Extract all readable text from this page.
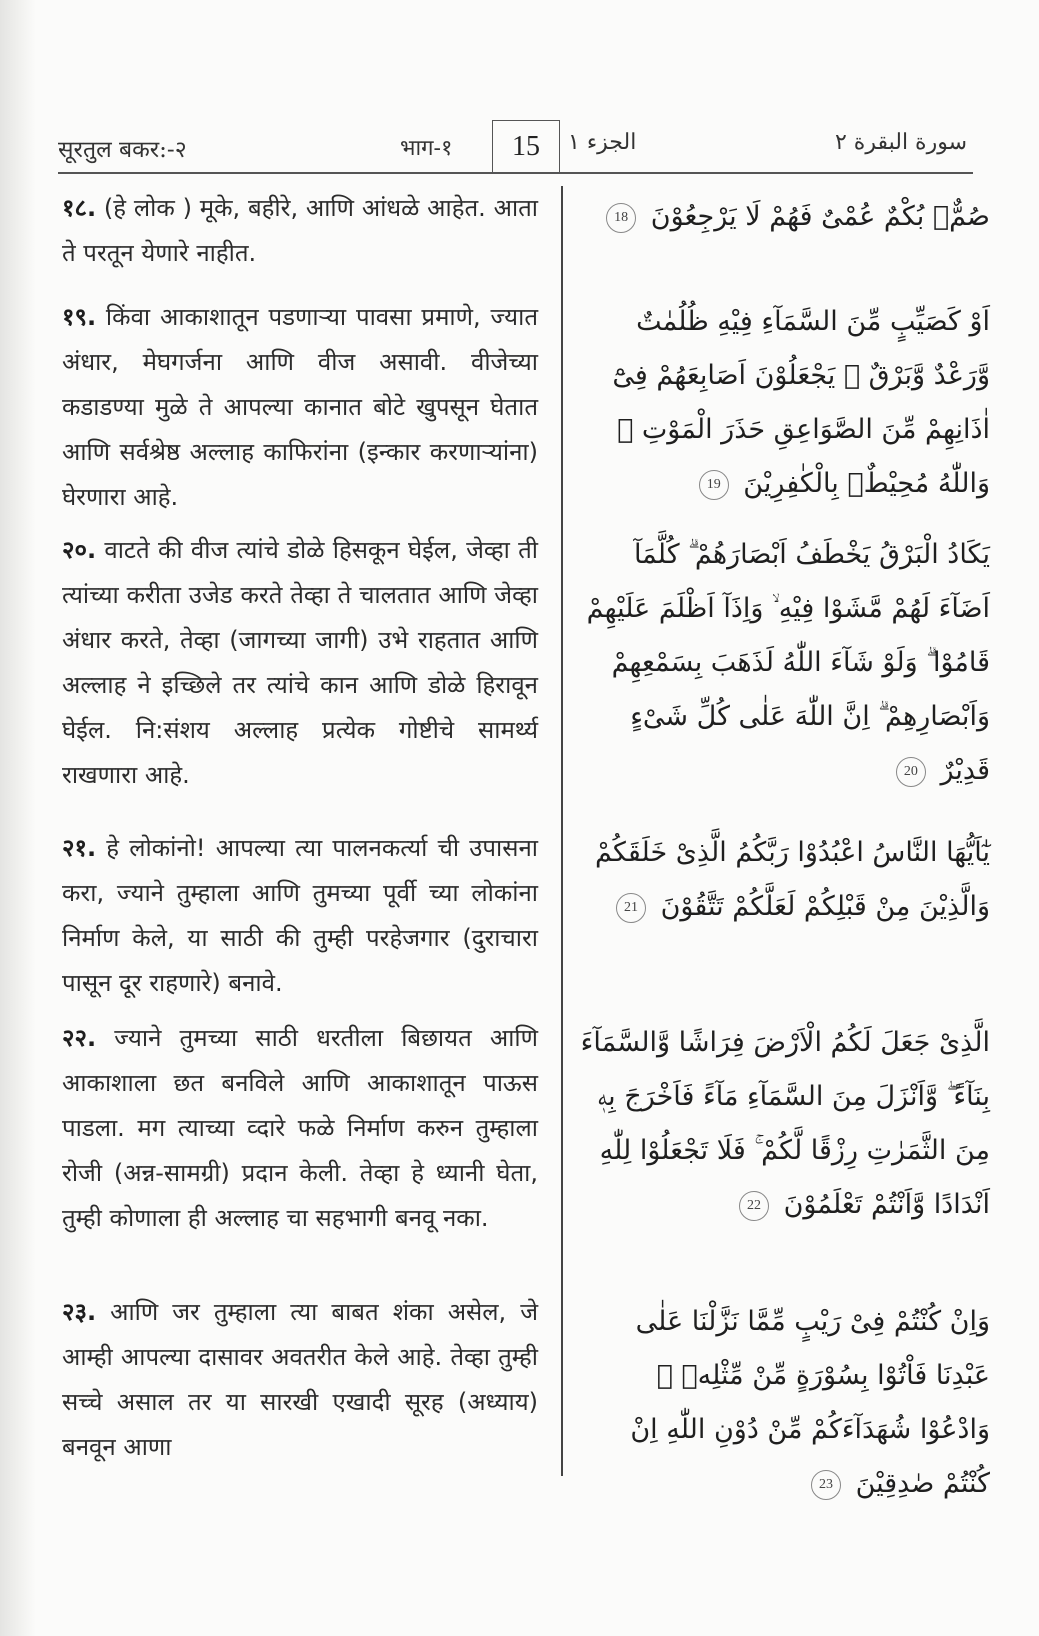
सूरतुल बकर:-२	भाग-१ 15 الجزء ١	سورة البقرة ٢

१८. (हे लोक ) मूके, बहीरे, आणि आंधळे आहेत. आता ते परतून येणारे नाहीत.

१९. किंवा आकाशातून पडणाऱ्या पावसा प्रमाणे, ज्यात अंधार, मेघगर्जना आणि वीज असावी. वीजेच्या कडाडण्या मुळे ते आपल्या कानात बोटे खुपसून घेतात आणि सर्वश्रेष्ठ अल्लाह काफिरांना (इन्कार करणाऱ्यांना) घेरणारा आहे.

२०. वाटते की वीज त्यांचे डोळे हिसकून घेईल, जेव्हा ती त्यांच्या करीता उजेड करते तेव्हा ते चालतात आणि जेव्हा अंधार करते, तेव्हा (जागच्या जागी) उभे राहतात आणि अल्लाह ने इच्छिले तर त्यांचे कान आणि डोळे हिरावून घेईल. नि:संशय अल्लाह प्रत्येक गोष्टीचे सामर्थ्य राखणारा आहे.

२१. हे लोकांनो! आपल्या त्या पालनकर्त्या ची उपासना करा, ज्याने तुम्हाला आणि तुमच्या पूर्वी च्या लोकांना निर्माण केले, या साठी की तुम्ही परहेजगार (दुराचारा पासून दूर राहणारे) बनावे.

२२. ज्याने तुमच्या साठी धरतीला बिछायत आणि आकाशाला छत बनविले आणि आकाशातून पाऊस पाडला. मग त्याच्या व्दारे फळे निर्माण करुन तुम्हाला रोजी (अन्न-सामग्री) प्रदान केली. तेव्हा हे ध्यानी घेता, तुम्ही कोणाला ही अल्लाह चा सहभागी बनवू नका.

२३. आणि जर तुम्हाला त्या बाबत शंका असेल, जे आम्ही आपल्या दासावर अवतरीत केले आहे. तेव्हा तुम्ही सच्चे असाल तर या सारखी एखादी सूरह (अध्याय) बनवून आणा

صُمٌّۢ بُكْمٌ عُمْىٌ فَهُمْ لَا يَرْجِعُوْنَ 18

اَوْ كَصَيِّبٍ مِّنَ السَّمَآءِ فِيْهِ ظُلُمٰتٌ وَّرَعْدٌ وَّبَرْقٌ ۚ يَجْعَلُوْنَ اَصَابِعَهُمْ فِىْٓ اٰذَانِهِمْ مِّنَ الصَّوَاعِقِ حَذَرَ الْمَوْتِ ۗ وَاللّٰهُ مُحِيْطٌۢ بِالْكٰفِرِيْنَ 19

يَكَادُ الْبَرْقُ يَخْطَفُ اَبْصَارَهُمْ ۗ كُلَّمَآ اَضَآءَ لَهُمْ مَّشَوْا فِيْهِ ۙ وَاِذَآ اَظْلَمَ عَلَيْهِمْ قَامُوْا ۗ وَلَوْ شَآءَ اللّٰهُ لَذَهَبَ بِسَمْعِهِمْ وَاَبْصَارِهِمْ ۗ اِنَّ اللّٰهَ عَلٰى كُلِّ شَىْءٍ قَدِيْرٌ 20

يٰٓاَيُّهَا النَّاسُ اعْبُدُوْا رَبَّكُمُ الَّذِىْ خَلَقَكُمْ وَالَّذِيْنَ مِنْ قَبْلِكُمْ لَعَلَّكُمْ تَتَّقُوْنَ 21

الَّذِىْ جَعَلَ لَكُمُ الْاَرْضَ فِرَاشًا وَّالسَّمَآءَ بِنَآءً ۖ وَّاَنْزَلَ مِنَ السَّمَآءِ مَآءً فَاَخْرَجَ بِهٖ مِنَ الثَّمَرٰتِ رِزْقًا لَّكُمْ ۚ فَلَا تَجْعَلُوْا لِلّٰهِ اَنْدَادًا وَّاَنْتُمْ تَعْلَمُوْنَ 22

وَاِنْ كُنْتُمْ فِىْ رَيْبٍ مِّمَّا نَزَّلْنَا عَلٰى عَبْدِنَا فَاْتُوْا بِسُوْرَةٍ مِّنْ مِّثْلِهٖ ۖ وَادْعُوْا شُهَدَآءَكُمْ مِّنْ دُوْنِ اللّٰهِ اِنْ كُنْتُمْ صٰدِقِيْنَ 23
